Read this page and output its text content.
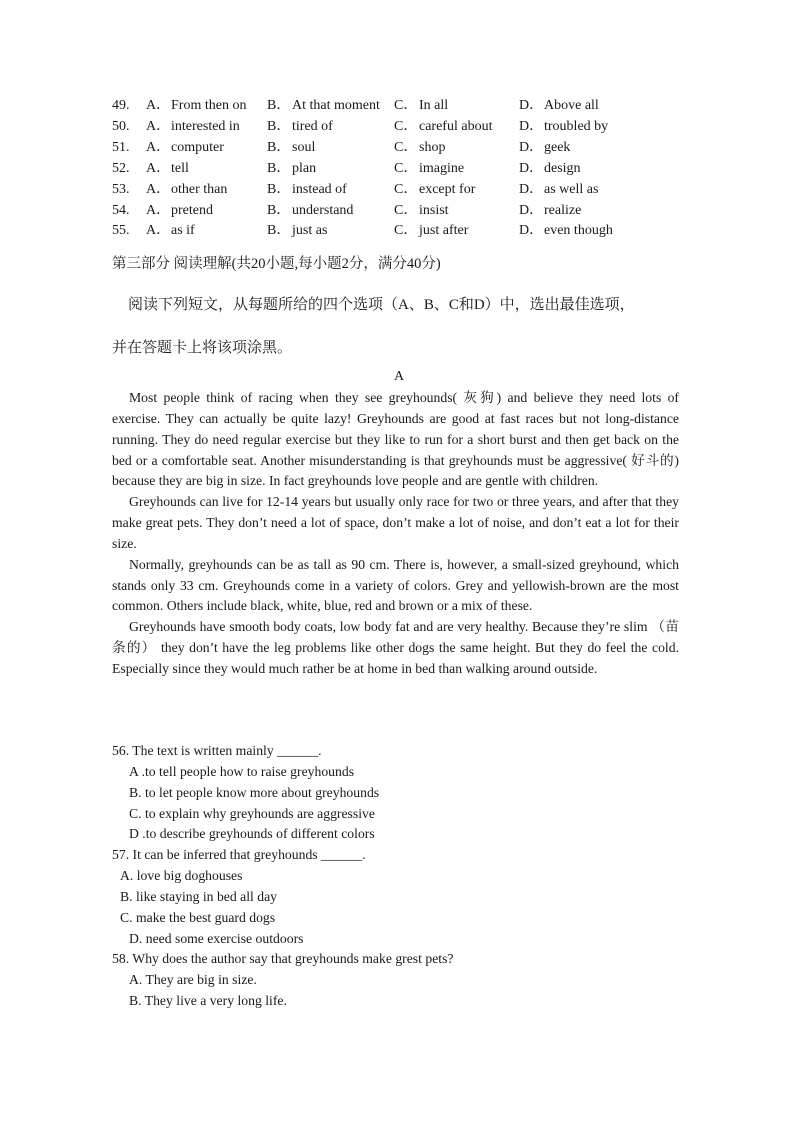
49.	A．From then on	B． At that moment	C． In all	D．Above all
50.	A．interested in	B． tired of	C． careful about	D．troubled by
51.	A．computer	B． soul	C． shop	D．geek
52.	A．tell	B． plan	C． imagine	D．design
53.	A．other than	B． instead of	C． except for	D．as well as
54.	A．pretend	B． understand	C． insist	D．realize
55.	A．as if	B． just as	C． just after	D．even though
第三部分 阅读理解(共20小题,每小题2分，满分40分)
阅读下列短文，从每题所给的四个选项（A、B、C和D）中，选出最佳选项，
并在答题卡上将该项涂黑。
A

Most people think of racing when they see greyhounds( 灰狗) and believe they need lots of exercise. They can actually be quite lazy! Greyhounds are good at fast races but not long-distance running. They do need regular exercise but they like to run for a short burst and then get back on the bed or a comfortable seat. Another misunderstanding is that greyhounds must be aggressive( 好斗的) because they are big in size. In fact greyhounds love people and are gentle with children.

Greyhounds can live for 12-14 years but usually only race for two or three years, and after that they make great pets. They don’t need a lot of space, don’t make a lot of noise, and don’t eat a lot for their size.

Normally, greyhounds can be as tall as 90 cm. There is, however, a small-sized greyhound, which stands only 33 cm. Greyhounds come in a variety of colors. Grey and yellowish-brown are the most common. Others include black, white, blue, red and brown or a mix of these.

Greyhounds have smooth body coats, low body fat and are very healthy. Because they’re slim （苗条的） they don’t have the leg problems like other dogs the same height. But they do feel the cold. Especially since they would much rather be at home in bed than walking around outside.

56. The text is written mainly ______.

A .to tell people how to raise greyhounds

B. to let people know more about greyhounds

C. to explain why greyhounds are aggressive

D .to describe greyhounds of different colors

57. It can be inferred that greyhounds ______.

A. love big doghouses

B. like staying in bed all day

C. make the best guard dogs

D. need some exercise outdoors

58. Why does the author say that greyhounds make grest pets?

A. They are big in size.

B. They live a very long life.
